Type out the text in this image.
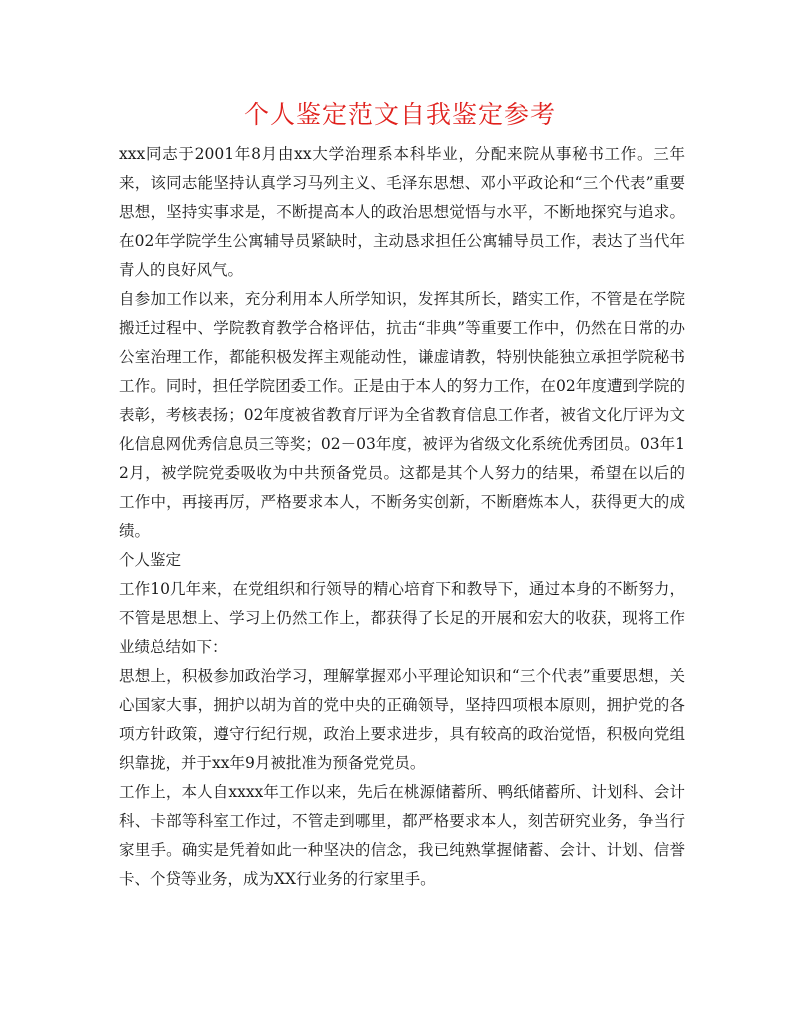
个人鉴定范文自我鉴定参考

xxx同志于2001年8月由xx大学治理系本科毕业，分配来院从事秘书工作。三年来，该同志能坚持认真学习马列主义、毛泽东思想、邓小平政论和“三个代表”重要思想，坚持实事求是，不断提高本人的政治思想觉悟与水平，不断地探究与追求。在02年学院学生公寓辅导员紧缺时，主动恳求担任公寓辅导员工作，表达了当代年青人的良好风气。

自参加工作以来，充分利用本人所学知识，发挥其所长，踏实工作，不管是在学院搬迁过程中、学院教育教学合格评估，抗击“非典”等重要工作中，仍然在日常的办公室治理工作，都能积极发挥主观能动性，谦虚请教，特别快能独立承担学院秘书工作。同时，担任学院团委工作。正是由于本人的努力工作，在02年度遭到学院的表彰，考核表扬；02年度被省教育厅评为全省教育信息工作者，被省文化厅评为文化信息网优秀信息员三等奖；02－03年度，被评为省级文化系统优秀团员。03年12月，被学院党委吸收为中共预备党员。这都是其个人努力的结果，希望在以后的工作中，再接再厉，严格要求本人，不断务实创新，不断磨炼本人，获得更大的成绩。

个人鉴定

工作10几年来，在党组织和行领导的精心培育下和教导下，通过本身的不断努力，不管是思想上、学习上仍然工作上，都获得了长足的开展和宏大的收获，现将工作业绩总结如下：

思想上，积极参加政治学习，理解掌握邓小平理论知识和“三个代表”重要思想，关心国家大事，拥护以胡为首的党中央的正确领导，坚持四项根本原则，拥护党的各项方针政策，遵守行纪行规，政治上要求进步，具有较高的政治觉悟，积极向党组织靠拢，并于xx年9月被批准为预备党党员。

工作上，本人自xxxx年工作以来，先后在桃源储蓄所、鸭纸储蓄所、计划科、会计科、卡部等科室工作过，不管走到哪里，都严格要求本人，刻苦研究业务，争当行家里手。确实是凭着如此一种坚决的信念，我已纯熟掌握储蓄、会计、计划、信誉卡、个贷等业务，成为XX行业务的行家里手。
